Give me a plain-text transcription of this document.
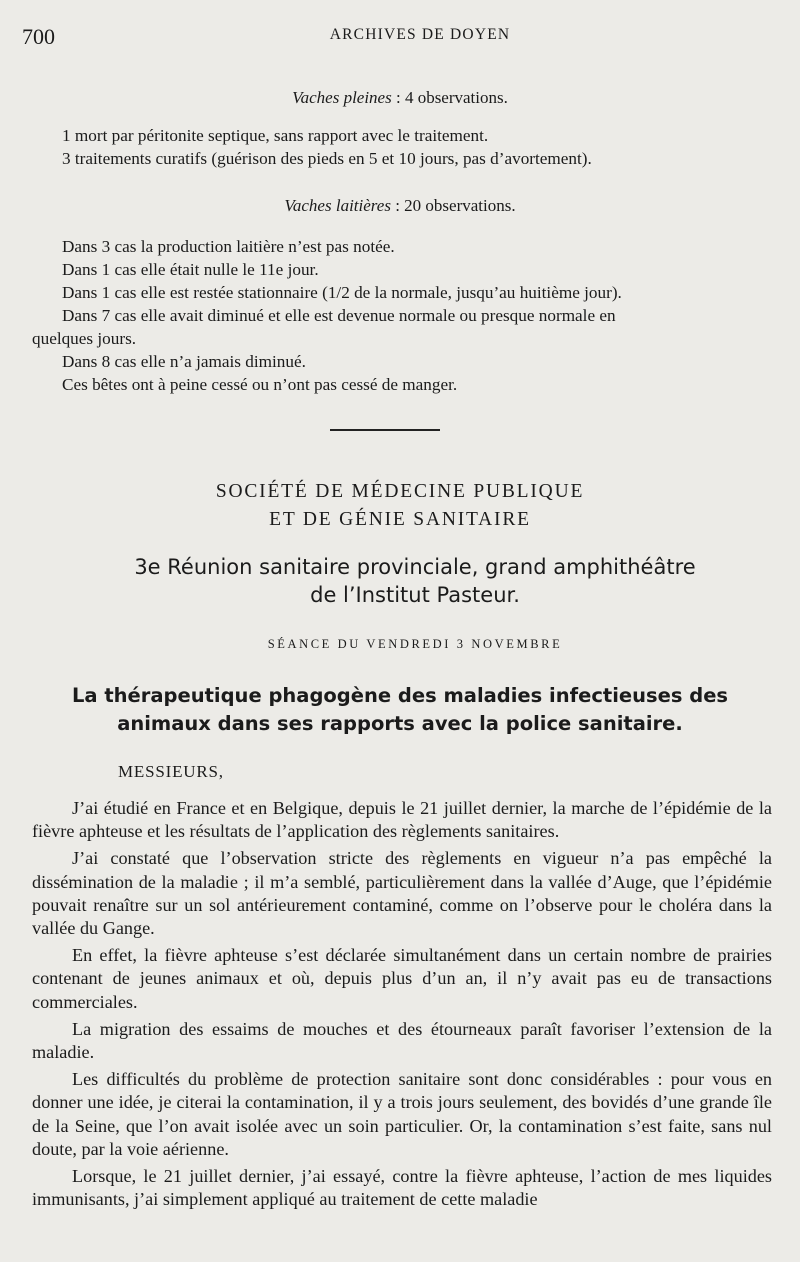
700	ARCHIVES DE DOYEN
Vaches pleines : 4 observations.
1 mort par péritonite septique, sans rapport avec le traitement.
3 traitements curatifs (guérison des pieds en 5 et 10 jours, pas d’avortement).
Vaches laitières : 20 observations.
Dans 3 cas la production laitière n’est pas notée.
Dans 1 cas elle était nulle le 11e jour.
Dans 1 cas elle est restée stationnaire (1/2 de la normale, jusqu’au huitième jour).
Dans 7 cas elle avait diminué et elle est devenue normale ou presque normale en
quelques jours.
Dans 8 cas elle n’a jamais diminué.
Ces bêtes ont à peine cessé ou n’ont pas cessé de manger.
SOCIÉTÉ DE MÉDECINE PUBLIQUE
ET DE GÉNIE SANITAIRE
3e Réunion sanitaire provinciale, grand amphithéâtre
de l’Institut Pasteur.
SÉANCE DU VENDREDI 3 NOVEMBRE
La thérapeutique phagogène des maladies infectieuses des
animaux dans ses rapports avec la police sanitaire.
MESSIEURS,

J’ai étudié en France et en Belgique, depuis le 21 juillet dernier, la marche de l’épidémie de la fièvre aphteuse et les résultats de l’application des règlements sanitaires.

J’ai constaté que l’observation stricte des règlements en vigueur n’a pas empêché la dissémination de la maladie ; il m’a semblé, particulièrement dans la vallée d’Auge, que l’épidémie pouvait renaître sur un sol antérieurement contaminé, comme on l’observe pour le choléra dans la vallée du Gange.

En effet, la fièvre aphteuse s’est déclarée simultanément dans un certain nombre de prairies contenant de jeunes animaux et où, depuis plus d’un an, il n’y avait pas eu de transactions commerciales.

La migration des essaims de mouches et des étourneaux paraît favoriser l’extension de la maladie.

Les difficultés du problème de protection sanitaire sont donc considérables : pour vous en donner une idée, je citerai la contamination, il y a trois jours seulement, des bovidés d’une grande île de la Seine, que l’on avait isolée avec un soin particulier. Or, la contamination s’est faite, sans nul doute, par la voie aérienne.

Lorsque, le 21 juillet dernier, j’ai essayé, contre la fièvre aphteuse, l’action de mes liquides immunisants, j’ai simplement appliqué au traitement de cette maladie
